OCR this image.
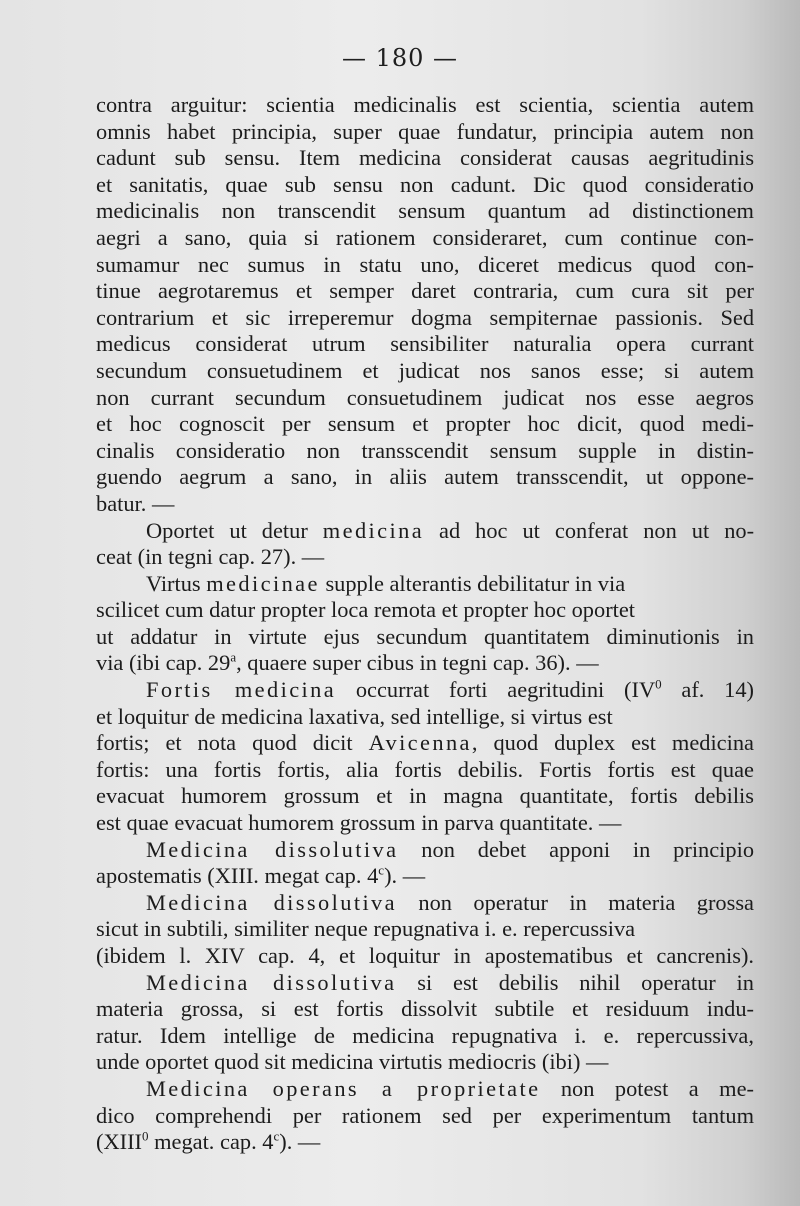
— 180 —
contra arguitur: scientia medicinalis est scientia, scientia autem
omnis habet principia, super quae fundatur, principia autem non
cadunt sub sensu. Item medicina considerat causas aegritudinis
et sanitatis, quae sub sensu non cadunt. Dic quod consideratio
medicinalis non transcendit sensum quantum ad distinctionem
aegri a sano, quia si rationem consideraret, cum continue con-
sumamur nec sumus in statu uno, diceret medicus quod con-
tinue aegrotaremus et semper daret contraria, cum cura sit per
contrarium et sic irreperemur dogma sempiternae passionis. Sed
medicus considerat utrum sensibiliter naturalia opera currant
secundum consuetudinem et judicat nos sanos esse; si autem
non currant secundum consuetudinem judicat nos esse aegros
et hoc cognoscit per sensum et propter hoc dicit, quod medi-
cinalis consideratio non transscendit sensum supple in distin-
guendo aegrum a sano, in aliis autem transscendit, ut oppone-
batur. —
Oportet ut detur medicina ad hoc ut conferat non ut no-
ceat (in tegni cap. 27). —
Virtus medicinae supple alterantis debilitatur in via
scilicet cum datur propter loca remota et propter hoc oportet
ut addatur in virtute ejus secundum quantitatem diminutionis in
via (ibi cap. 29$^a$, quaere super cibus in tegni cap. 36). —
Fortis medicina occurrat forti aegritudini ($IV^0$ af. 14)
et loquitur de medicina laxativa, sed intellige, si virtus est
fortis; et nota quod dicit Avicenna, quod duplex est medicina
fortis: una fortis fortis, alia fortis debilis. Fortis fortis est quae
evacuat humorem grossum et in magna quantitate, fortis debilis
est quae evacuat humorem grossum in parva quantitate. —
Medicina dissolutiva non debet apponi in principio
apostematis (XIII. megat cap. 4$^c$). —
Medicina dissolutiva non operatur in materia grossa
sicut in subtili, similiter neque repugnativa i. e. repercussiva
(ibidem l. XIV cap. 4, et loquitur in apostematibus et cancrenis).
Medicina dissolutiva si est debilis nihil operatur in
materia grossa, si est fortis dissolvit subtile et residuum indu-
ratur. Idem intellige de medicina repugnativa i. e. repercussiva,
unde oportet quod sit medicina virtutis mediocris (ibi) —
Medicina operans a proprietate non potest a me-
dico comprehendi per rationem sed per experimentum tantum
(XIII$^0$ megat. cap. 4$^c$). —
